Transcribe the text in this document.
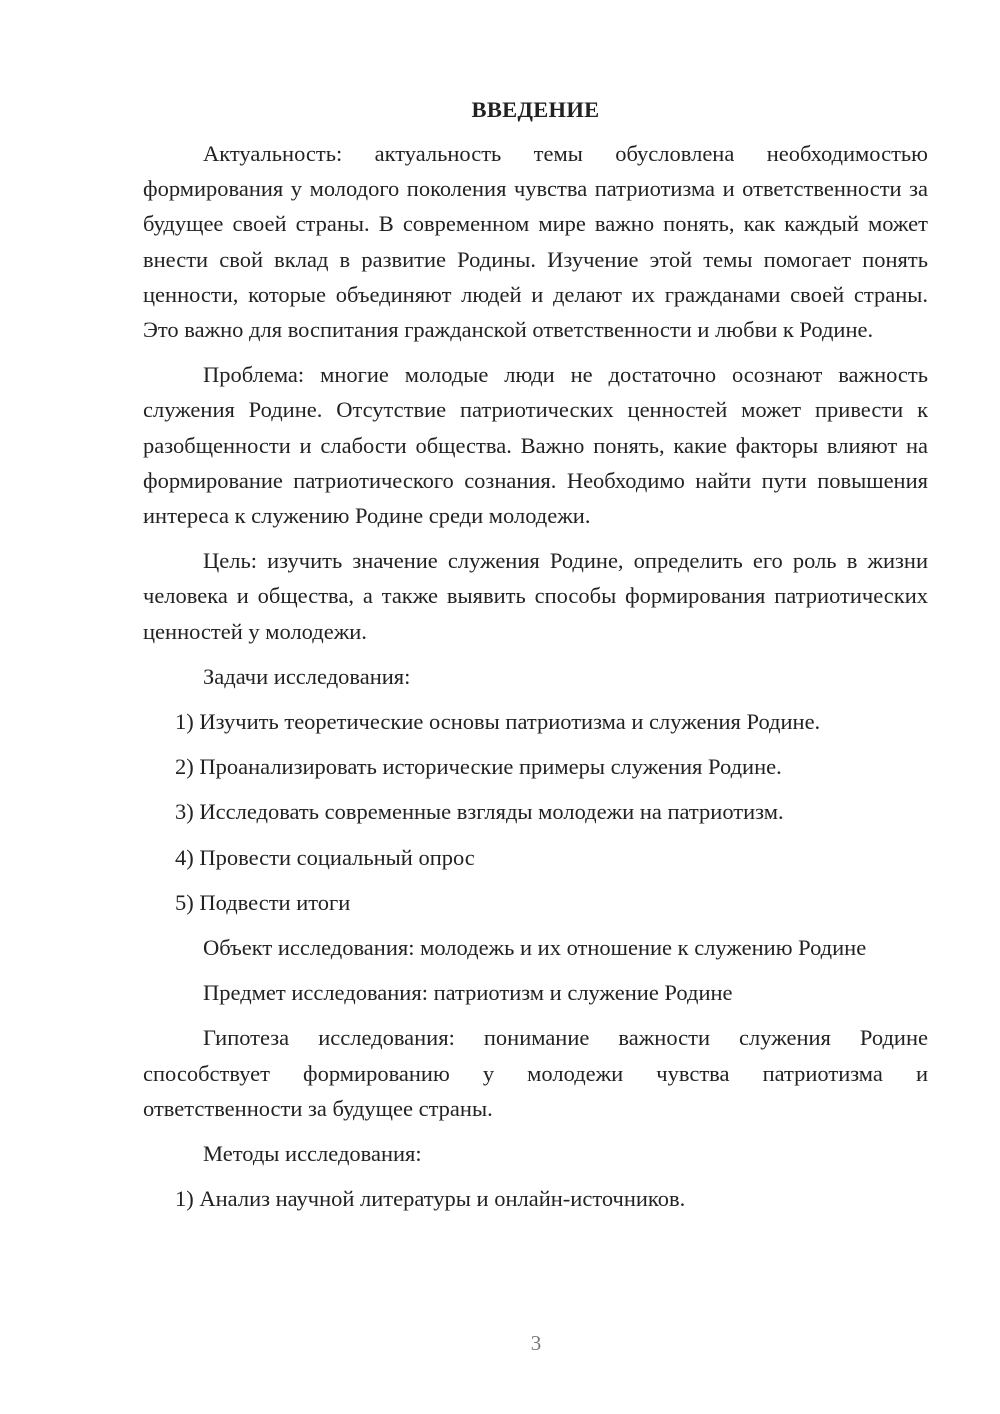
ВВЕДЕНИЕ

Актуальность: актуальность темы обусловлена необходимостью формирования у молодого поколения чувства патриотизма и ответственности за будущее своей страны. В современном мире важно понять, как каждый может внести свой вклад в развитие Родины. Изучение этой темы помогает понять ценности, которые объединяют людей и делают их гражданами своей страны. Это важно для воспитания гражданской ответственности и любви к Родине.

Проблема: многие молодые люди не достаточно осознают важность служения Родине. Отсутствие патриотических ценностей может привести к разобщенности и слабости общества. Важно понять, какие факторы влияют на формирование патриотического сознания. Необходимо найти пути повышения интереса к служению Родине среди молодежи.

Цель: изучить значение служения Родине, определить его роль в жизни человека и общества, а также выявить способы формирования патриотических ценностей у молодежи.

Задачи исследования:

1) Изучить теоретические основы патриотизма и служения Родине.
2) Проанализировать исторические примеры служения Родине.
3) Исследовать современные взгляды молодежи на патриотизм.
4) Провести социальный опрос
5) Подвести итоги

Объект исследования: молодежь и их отношение к служению Родине

Предмет исследования: патриотизм и служение Родине

Гипотеза исследования: понимание важности служения Родине способствует формированию у молодежи чувства патриотизма и ответственности за будущее страны.

Методы исследования:

1) Анализ научной литературы и онлайн-источников.
3
